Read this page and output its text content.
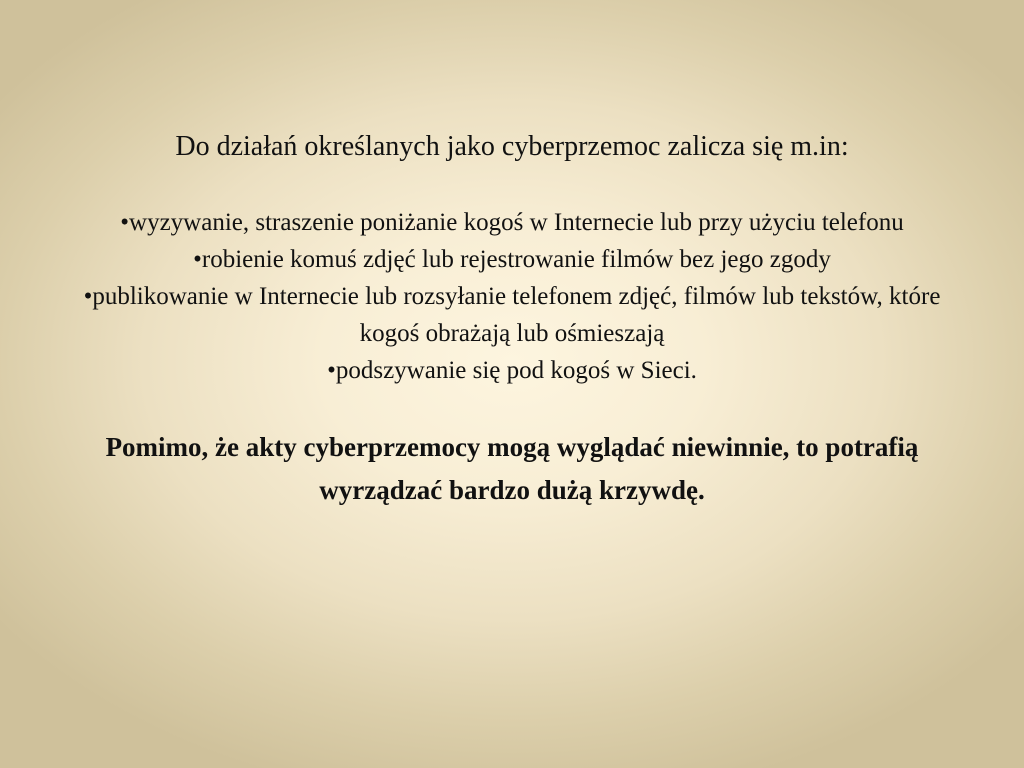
Do działań określanych jako cyberprzemoc zalicza się m.in:

•wyzywanie, straszenie poniżanie kogoś w Internecie lub przy użyciu telefonu
•robienie komuś zdjęć lub rejestrowanie filmów bez jego zgody
•publikowanie w Internecie lub rozsyłanie telefonem zdjęć, filmów lub tekstów, które kogoś obrażają lub ośmieszają
•podszywanie się pod kogoś w Sieci.

Pomimo, że akty cyberprzemocy mogą wyglądać niewinnie, to potrafią wyrządzać bardzo dużą krzywdę.
